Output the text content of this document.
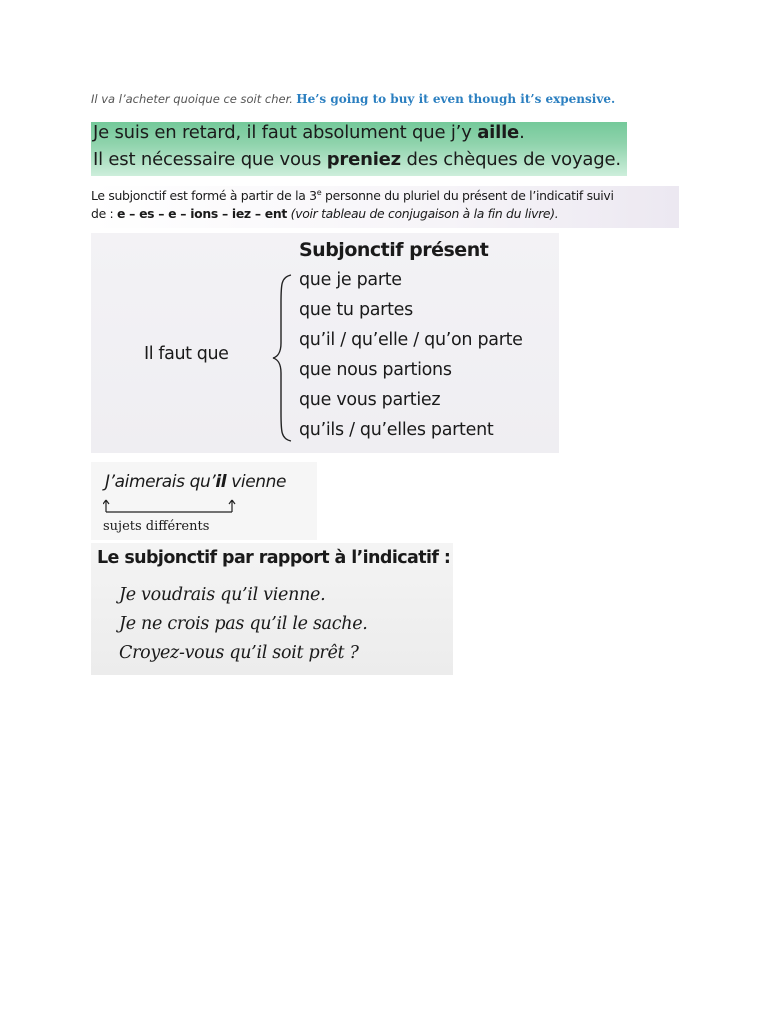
Il va l’acheter quoique ce soit cher. He’s going to buy it even though it’s expensive.
Je suis en retard, il faut absolument que j’y aille.
Il est nécessaire que vous preniez des chèques de voyage.
Le subjonctif est formé à partir de la 3e personne du pluriel du présent de l’indicatif suivi
de : e – es – e – ions – iez – ent (voir tableau de conjugaison à la fin du livre).
Subjonctif présent
Il faut que
que je parte
que tu partes
qu’il / qu’elle / qu’on parte
que nous partions
que vous partiez
qu’ils / qu’elles partent
J’aimerais qu’il vienne
sujets différents
Le subjonctif par rapport à l’indicatif :
Je voudrais qu’il vienne.
Je ne crois pas qu’il le sache.
Croyez-vous qu’il soit prêt ?
